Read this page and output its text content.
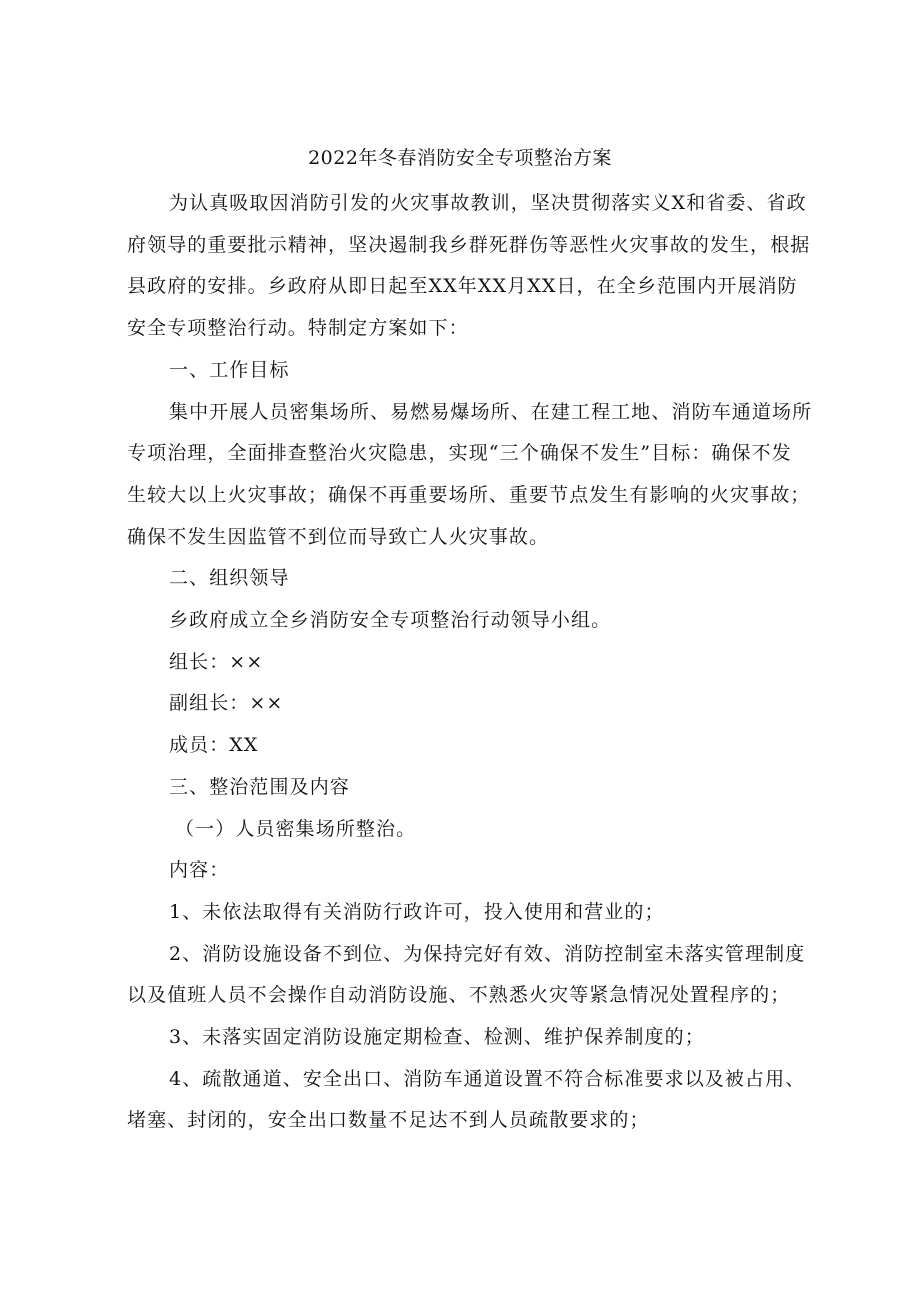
2022年冬春消防安全专项整治方案

为认真吸取因消防引发的火灾事故教训，坚决贯彻落实义X和省委、省政

府领导的重要批示精神，坚决遏制我乡群死群伤等恶性火灾事故的发生，根据

县政府的安排。乡政府从即日起至XX年XX月XX日，在全乡范围内开展消防

安全专项整治行动。特制定方案如下：

一、工作目标

集中开展人员密集场所、易燃易爆场所、在建工程工地、消防车通道场所

专项治理，全面排查整治火灾隐患，实现“三个确保不发生”目标：确保不发

生较大以上火灾事故；确保不再重要场所、重要节点发生有影响的火灾事故；

确保不发生因监管不到位而导致亡人火灾事故。

二、组织领导

乡政府成立全乡消防安全专项整治行动领导小组。

组长：××

副组长：××

成员：XX

三、整治范围及内容

（一）人员密集场所整治。

内容：

1、未依法取得有关消防行政许可，投入使用和营业的；

2、消防设施设备不到位、为保持完好有效、消防控制室未落实管理制度

以及值班人员不会操作自动消防设施、不熟悉火灾等紧急情况处置程序的；

3、未落实固定消防设施定期检查、检测、维护保养制度的；

4、疏散通道、安全出口、消防车通道设置不符合标准要求以及被占用、

堵塞、封闭的，安全出口数量不足达不到人员疏散要求的；
